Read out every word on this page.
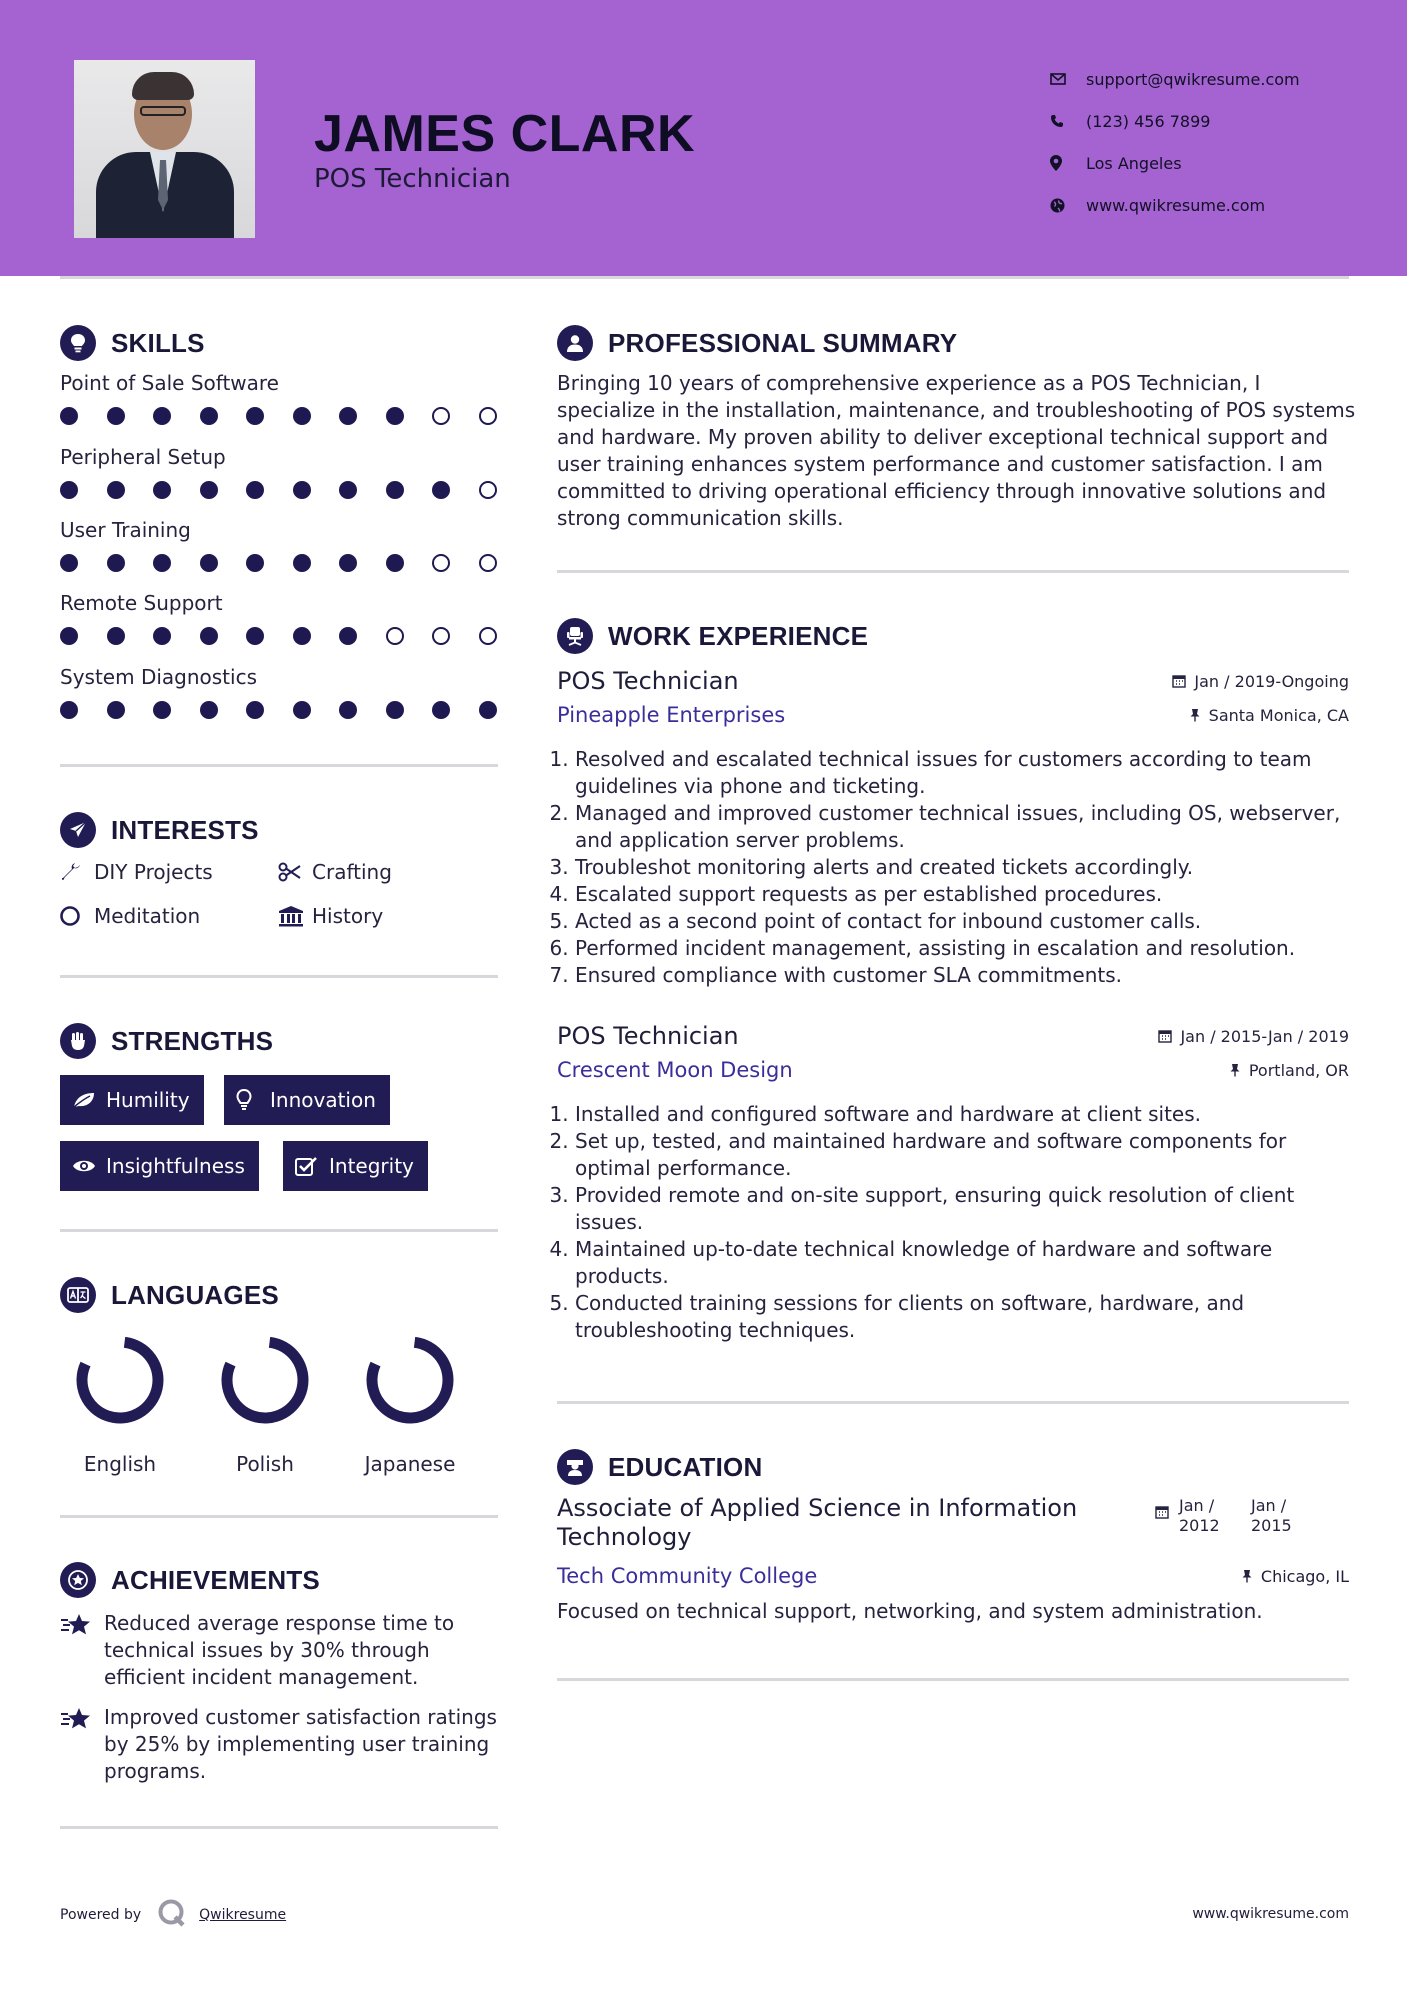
JAMES CLARK
POS Technician
support@qwikresume.com
(123) 456 7899
Los Angeles
www.qwikresume.com
SKILLS
Point of Sale Software
Peripheral Setup
User Training
Remote Support
System Diagnostics
INTERESTS
DIY Projects	Crafting
Meditation	History
STRENGTHS
Humility	Innovation
Insightfulness	Integrity
LANGUAGES
English	Polish	Japanese
ACHIEVEMENTS
Reduced average response time to technical issues by 30% through efficient incident management.
Improved customer satisfaction ratings by 25% by implementing user training programs.
PROFESSIONAL SUMMARY
Bringing 10 years of comprehensive experience as a POS Technician, I specialize in the installation, maintenance, and troubleshooting of POS systems and hardware. My proven ability to deliver exceptional technical support and user training enhances system performance and customer satisfaction. I am committed to driving operational efficiency through innovative solutions and strong communication skills.
WORK EXPERIENCE
POS Technician	Jan / 2019-Ongoing
Pineapple Enterprises	Santa Monica, CA
1. Resolved and escalated technical issues for customers according to team guidelines via phone and ticketing.
2. Managed and improved customer technical issues, including OS, webserver, and application server problems.
3. Troubleshot monitoring alerts and created tickets accordingly.
4. Escalated support requests as per established procedures.
5. Acted as a second point of contact for inbound customer calls.
6. Performed incident management, assisting in escalation and resolution.
7. Ensured compliance with customer SLA commitments.
POS Technician	Jan / 2015-Jan / 2019
Crescent Moon Design	Portland, OR
1. Installed and configured software and hardware at client sites.
2. Set up, tested, and maintained hardware and software components for optimal performance.
3. Provided remote and on-site support, ensuring quick resolution of client issues.
4. Maintained up-to-date technical knowledge of hardware and software products.
5. Conducted training sessions for clients on software, hardware, and troubleshooting techniques.
EDUCATION
Associate of Applied Science in Information Technology
Jan / 2012
Jan / 2015
Tech Community College	Chicago, IL
Focused on technical support, networking, and system administration.
Powered by	Qwikresume	www.qwikresume.com
